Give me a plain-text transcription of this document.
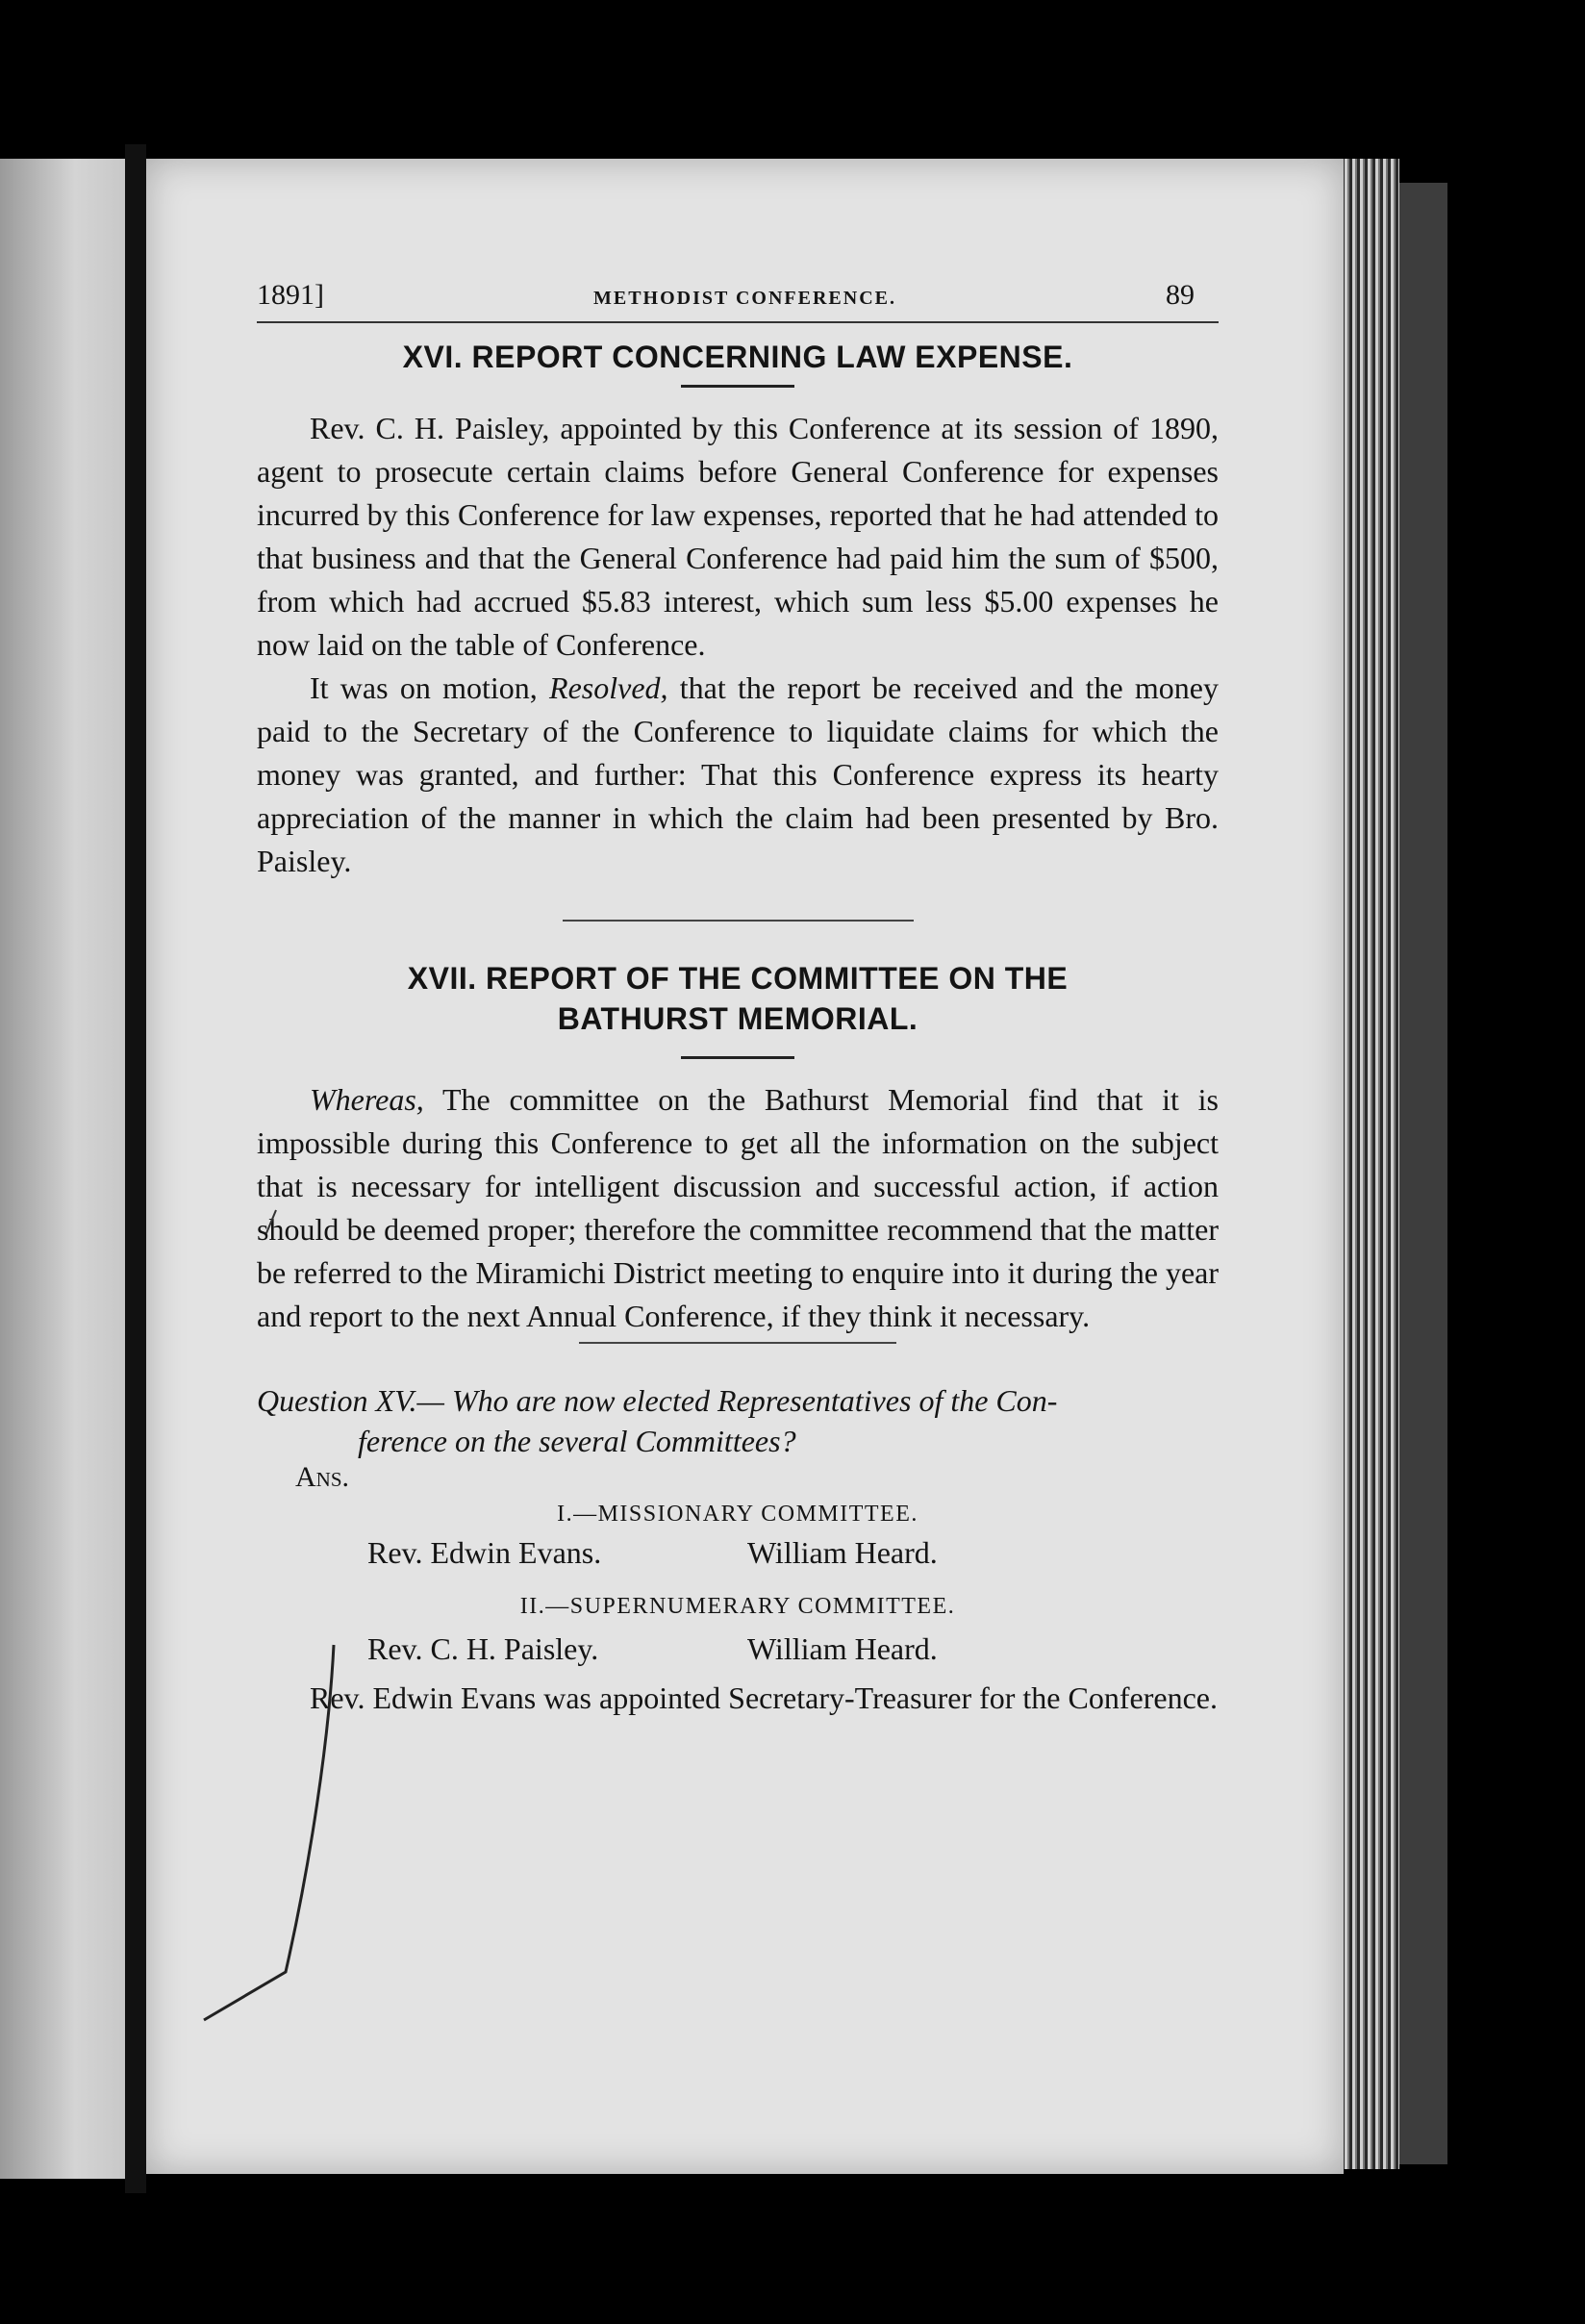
1891]	METHODIST CONFERENCE.	89
XVI. REPORT CONCERNING LAW EXPENSE.

Rev. C. H. Paisley, appointed by this Conference at its session of 1890, agent to prosecute certain claims before General Conference for expenses incurred by this Conference for law expenses, reported that he had attended to that business and that the General Conference had paid him the sum of $500, from which had accrued $5.83 interest, which sum less $5.00 expenses he now laid on the table of Conference.

It was on motion, Resolved, that the report be received and the money paid to the Secretary of the Conference to liquidate claims for which the money was granted, and further: That this Conference express its hearty appreciation of the manner in which the claim had been presented by Bro. Paisley.

XVII. REPORT OF THE COMMITTEE ON THE
BATHURST MEMORIAL.

Whereas, The committee on the Bathurst Memorial find that it is impossible during this Conference to get all the information on the subject that is necessary for intelligent discussion and successful action, if action should be deemed proper; therefore the committee recommend that the matter be referred to the Miramichi District meeting to enquire into it during the year and report to the next Annual Conference, if they think it necessary.

Question XV.— Who are now elected Representatives of the Con-
ference on the several Committees?
Ans.
I.—MISSIONARY COMMITTEE.
Rev. Edwin Evans.	William Heard.
II.—SUPERNUMERARY COMMITTEE.
Rev. C. H. Paisley.	William Heard.

Rev. Edwin Evans was appointed Secretary-Treasurer for the Conference.
